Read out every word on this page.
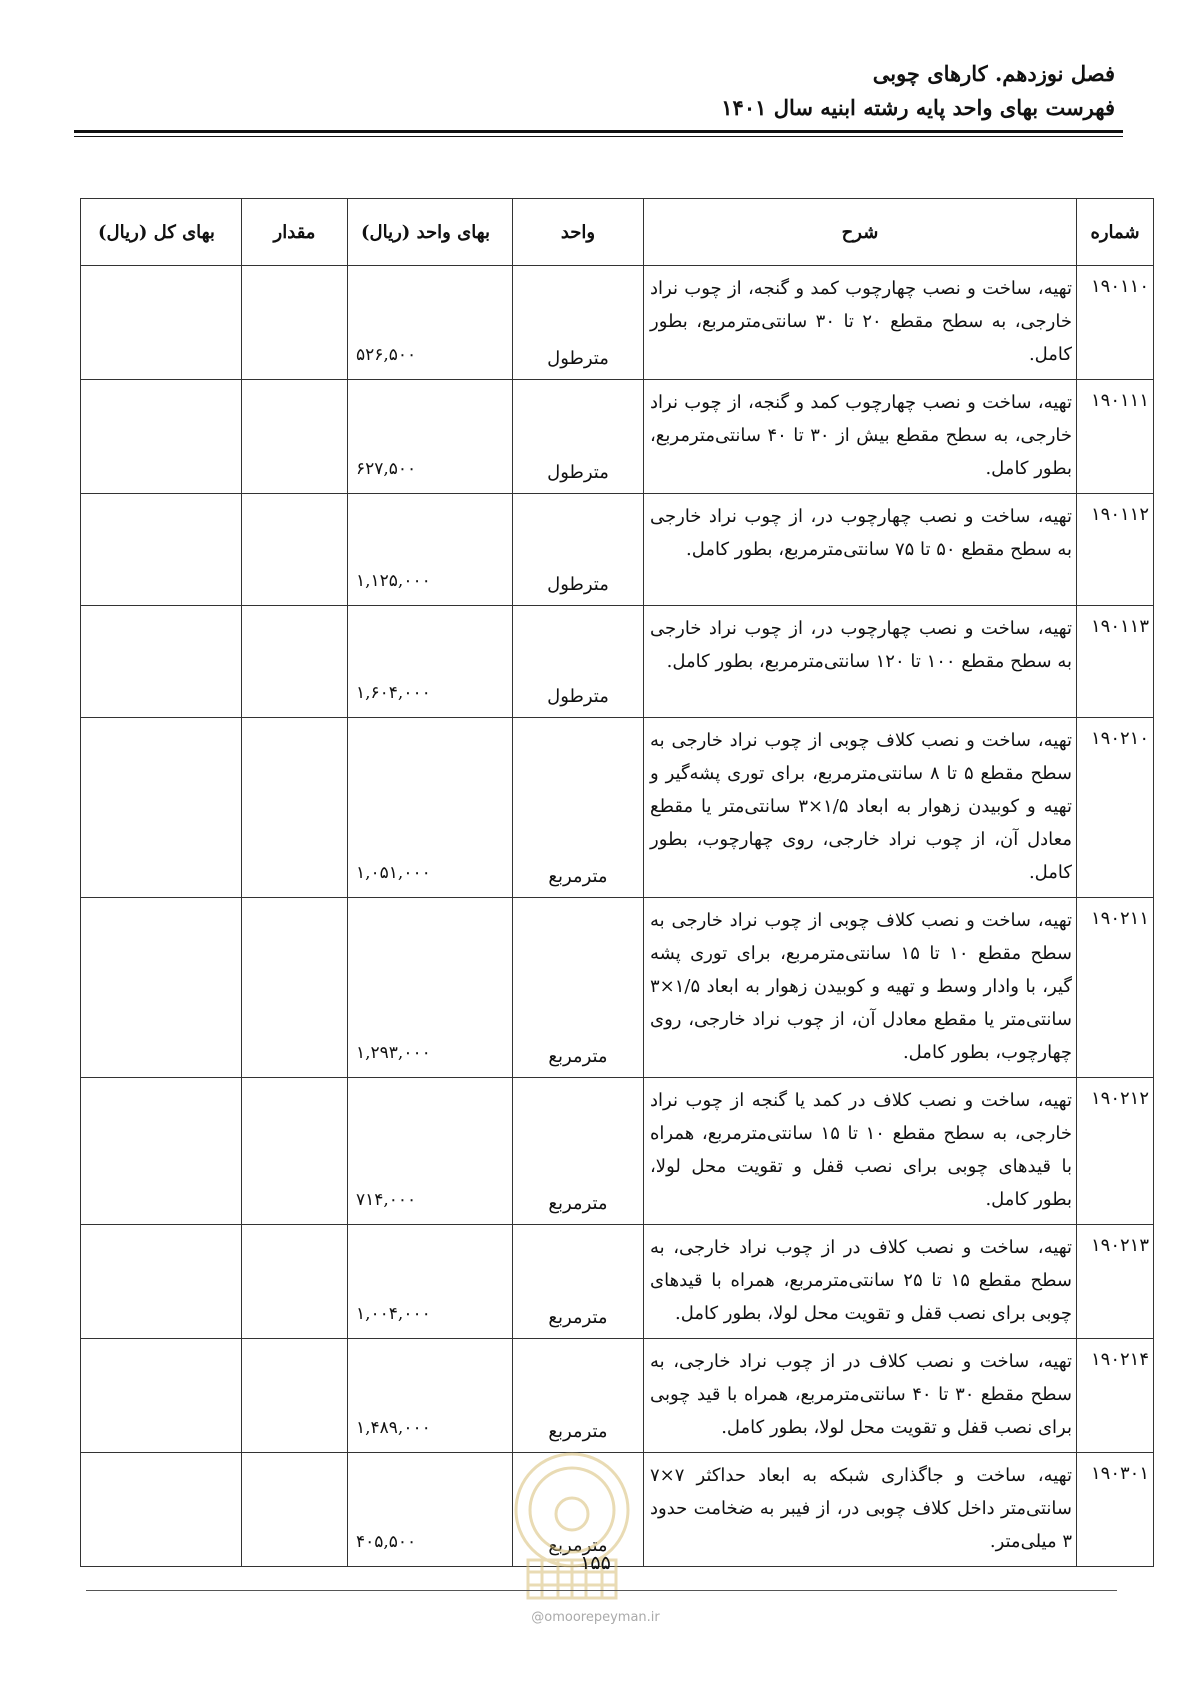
فصل نوزدهم. کارهای چوبی

فهرست بهای واحد پایه رشته ابنیه سال ۱۴۰۱

شماره	شرح	واحد	بهای واحد (ریال)	مقدار	بهای کل (ریال)
۱۹۰۱۱۰	تهیه، ساخت و نصب چهارچوب کمد و گنجه، از چوب نراد خارجی، به سطح مقطع ۲۰ تا ۳۰ سانتی‌مترمربع، بطور کامل.	مترطول	۵۲۶,۵۰۰		
۱۹۰۱۱۱	تهیه، ساخت و نصب چهارچوب کمد و گنجه، از چوب نراد خارجی، به سطح مقطع بیش از ۳۰ تا ۴۰ سانتی‌مترمربع، بطور کامل.	مترطول	۶۲۷,۵۰۰		
۱۹۰۱۱۲	تهیه، ساخت و نصب چهارچوب در، از چوب نراد خارجی به سطح مقطع ۵۰ تا ۷۵ سانتی‌مترمربع، بطور کامل.	مترطول	۱,۱۲۵,۰۰۰		
۱۹۰۱۱۳	تهیه، ساخت و نصب چهارچوب در، از چوب نراد خارجی به سطح مقطع ۱۰۰ تا ۱۲۰ سانتی‌مترمربع، بطور کامل.	مترطول	۱,۶۰۴,۰۰۰		
۱۹۰۲۱۰	تهیه، ساخت و نصب کلاف چوبی از چوب نراد خارجی به سطح مقطع ۵ تا ۸ سانتی‌مترمربع، برای توری پشه‌گیر و تهیه و کوبیدن زهوار به ابعاد ۱/۵×۳ سانتی‌متر یا مقطع معادل آن، از چوب نراد خارجی، روی چهارچوب، بطور کامل.	مترمربع	۱,۰۵۱,۰۰۰		
۱۹۰۲۱۱	تهیه، ساخت و نصب کلاف چوبی از چوب نراد خارجی به سطح مقطع ۱۰ تا ۱۵ سانتی‌مترمربع، برای توری پشه گیر، با وادار وسط و تهیه و کوبیدن زهوار به ابعاد ۱/۵×۳ سانتی‌متر یا مقطع معادل آن، از چوب نراد خارجی، روی چهارچوب، بطور کامل.	مترمربع	۱,۲۹۳,۰۰۰		
۱۹۰۲۱۲	تهیه، ساخت و نصب کلاف در کمد یا گنجه از چوب نراد خارجی، به سطح مقطع ۱۰ تا ۱۵ سانتی‌مترمربع، همراه با قیدهای چوبی برای نصب قفل و تقویت محل لولا، بطور کامل.	مترمربع	۷۱۴,۰۰۰		
۱۹۰۲۱۳	تهیه، ساخت و نصب کلاف در از چوب نراد خارجی، به سطح مقطع ۱۵ تا ۲۵ سانتی‌مترمربع، همراه با قیدهای چوبی برای نصب قفل و تقویت محل لولا، بطور کامل.	مترمربع	۱,۰۰۴,۰۰۰		
۱۹۰۲۱۴	تهیه، ساخت و نصب کلاف در از چوب نراد خارجی، به سطح مقطع ۳۰ تا ۴۰ سانتی‌مترمربع، همراه با قید چوبی برای نصب قفل و تقویت محل لولا، بطور کامل.	مترمربع	۱,۴۸۹,۰۰۰		
۱۹۰۳۰۱	تهیه، ساخت و جاگذاری شبکه به ابعاد حداکثر ۷×۷ سانتی‌متر داخل کلاف چوبی در، از فیبر به ضخامت حدود ۳ میلی‌متر.	مترمربع	۴۰۵,۵۰۰		
۱۵۵
@omoorepeyman.ir
